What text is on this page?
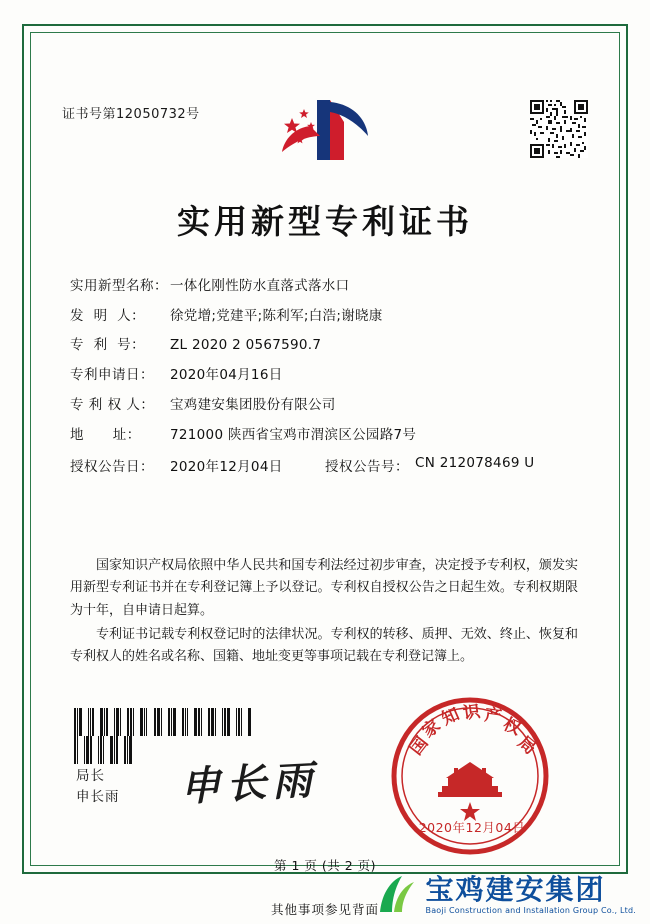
证书号第12050732号
实用新型专利证书
实用新型名称： 一体化刚性防水直落式落水口
发  明  人：	徐党增;党建平;陈利军;白浩;谢晓康
专  利  号：	ZL 2020 2 0567590.7
专利申请日：	2020年04月16日
专 利 权 人：	宝鸡建安集团股份有限公司
地      址：	721000 陕西省宝鸡市渭滨区公园路7号
授权公告日：	2020年12月04日	授权公告号： CN 212078469 U

国家知识产权局依照中华人民共和国专利法经过初步审查，决定授予专利权，颁发实用新型专利证书并在专利登记簿上予以登记。专利权自授权公告之日起生效。专利权期限为十年，自申请日起算。

专利证书记载专利权登记时的法律状况。专利权的转移、质押、无效、终止、恢复和专利权人的姓名或名称、国籍、地址变更等事项记载在专利登记簿上。

局长
申长雨 申长雨
国
家
知 识 产
权
局
2020年12月04日
第 1 页 (共 2 页)
其他事项参见背面
宝鸡建安集团
Baoji Construction and Installation Group Co., Ltd.
